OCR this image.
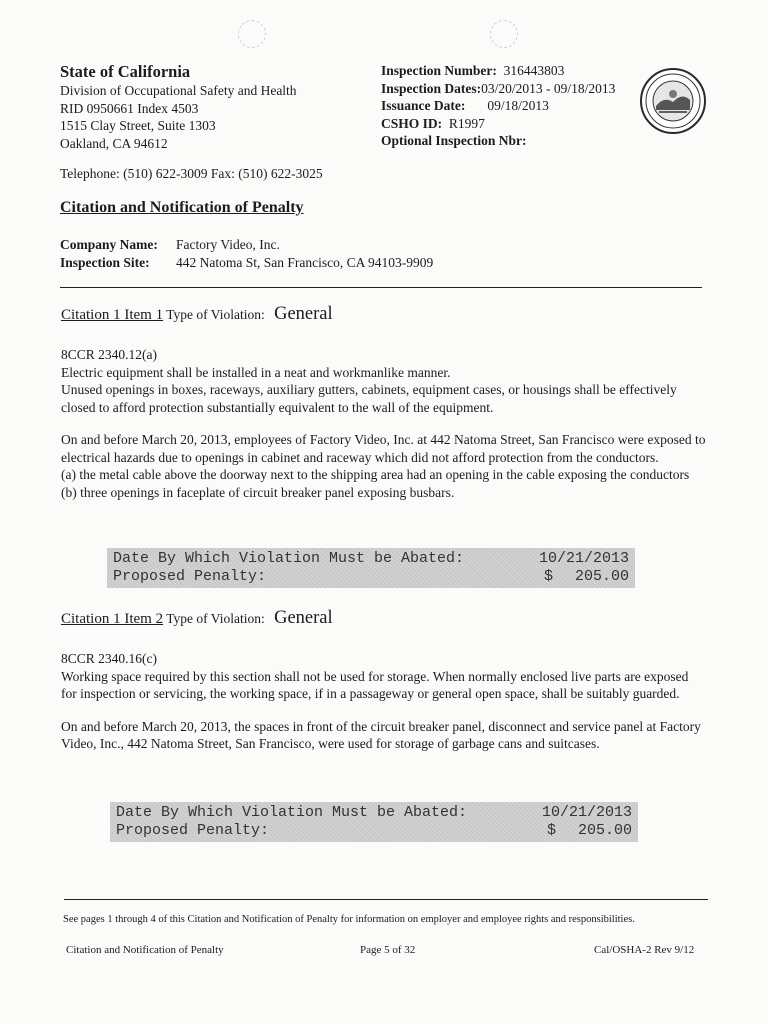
State of California
Division of Occupational Safety and Health
RID 0950661 Index 4503
1515 Clay Street, Suite 1303
Oakland, CA 94612
Inspection Number: 316443803
Inspection Dates:03/20/2013 - 09/18/2013
Issuance Date: 09/18/2013
CSHO ID: R1997
Optional Inspection Nbr:
Telephone: (510) 622-3009 Fax: (510) 622-3025
Citation and Notification of Penalty
Company Name: Factory Video, Inc.
Inspection Site: 442 Natoma St, San Francisco, CA 94103-9909
Citation 1 Item 1 Type of Violation: General

8CCR 2340.12(a)

Electric equipment shall be installed in a neat and workmanlike manner.

Unused openings in boxes, raceways, auxiliary gutters, cabinets, equipment cases, or housings shall be effectively closed to afford protection substantially equivalent to the wall of the equipment.

On and before March 20, 2013, employees of Factory Video, Inc. at 442 Natoma Street, San Francisco were exposed to electrical hazards due to openings in cabinet and raceway which did not afford protection from the conductors.

(a) the metal cable above the doorway next to the shipping area had an opening in the cable exposing the conductors

(b) three openings in faceplate of circuit breaker panel exposing busbars.

Date By Which Violation Must be Abated:	10/21/2013
Proposed Penalty:	$ 205.00
Citation 1 Item 2 Type of Violation: General

8CCR 2340.16(c)

Working space required by this section shall not be used for storage. When normally enclosed live parts are exposed for inspection or servicing, the working space, if in a passageway or general open space, shall be suitably guarded.

On and before March 20, 2013, the spaces in front of the circuit breaker panel, disconnect and service panel at Factory Video, Inc., 442 Natoma Street, San Francisco, were used for storage of garbage cans and suitcases.

Date By Which Violation Must be Abated:	10/21/2013
Proposed Penalty:	$ 205.00
See pages 1 through 4 of this Citation and Notification of Penalty for information on employer and employee rights and responsibilities.
Citation and Notification of Penalty	Page 5 of 32	Cal/OSHA-2 Rev 9/12
